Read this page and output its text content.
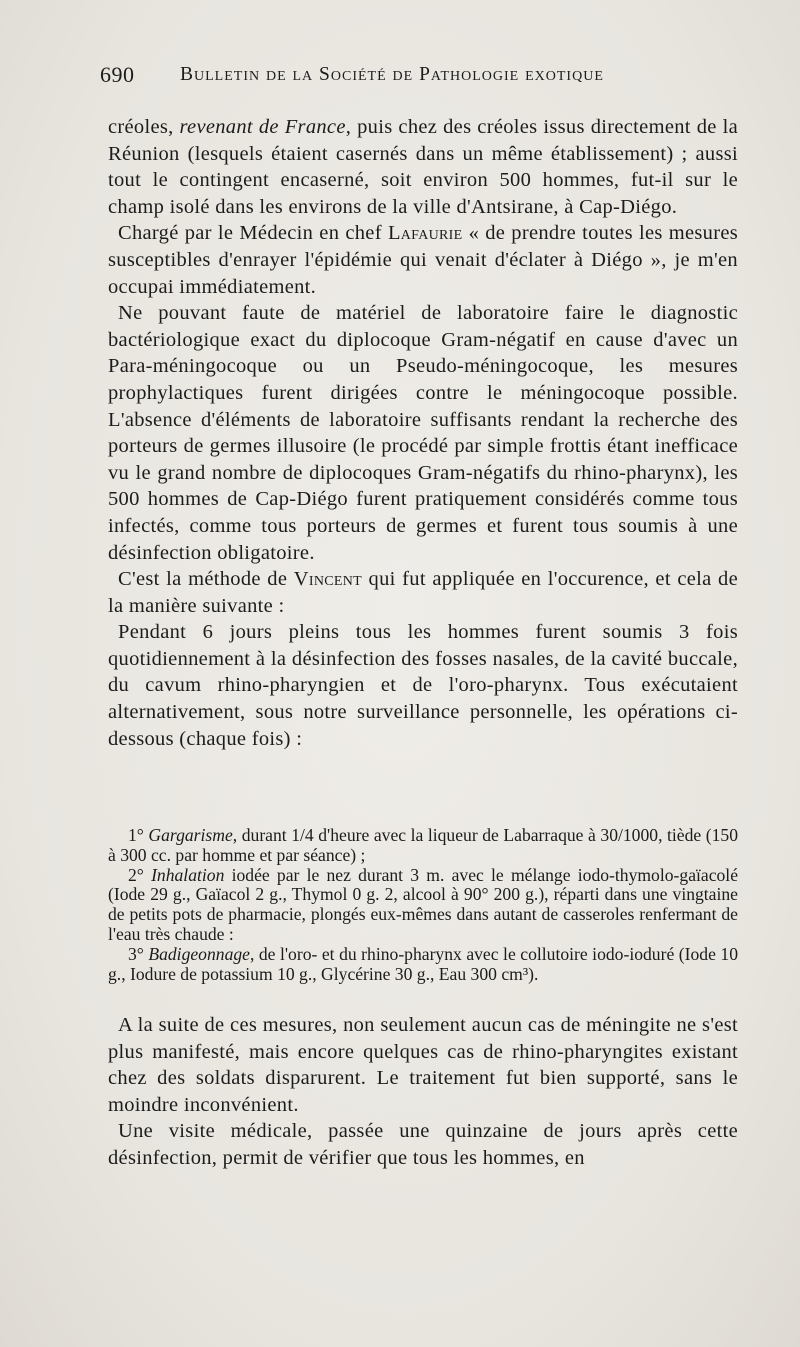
690 Bulletin de la Société de Pathologie exotique

créoles, revenant de France, puis chez des créoles issus directement de la Réunion (lesquels étaient casernés dans un même établissement) ; aussi tout le contingent encaserné, soit environ 500 hommes, fut-il sur le champ isolé dans les environs de la ville d'Antsirane, à Cap-Diégo.

Chargé par le Médecin en chef Lafaurie « de prendre toutes les mesures susceptibles d'enrayer l'épidémie qui venait d'éclater à Diégo », je m'en occupai immédiatement.

Ne pouvant faute de matériel de laboratoire faire le diagnostic bactériologique exact du diplocoque Gram-négatif en cause d'avec un Para-méningocoque ou un Pseudo-méningocoque, les mesures prophylactiques furent dirigées contre le méningocoque possible. L'absence d'éléments de laboratoire suffisants rendant la recherche des porteurs de germes illusoire (le procédé par simple frottis étant inefficace vu le grand nombre de diplocoques Gram-négatifs du rhino-pharynx), les 500 hommes de Cap-Diégo furent pratiquement considérés comme tous infectés, comme tous porteurs de germes et furent tous soumis à une désinfection obligatoire.

C'est la méthode de Vincent qui fut appliquée en l'occurence, et cela de la manière suivante :

Pendant 6 jours pleins tous les hommes furent soumis 3 fois quotidiennement à la désinfection des fosses nasales, de la cavité buccale, du cavum rhino-pharyngien et de l'oro-pharynx. Tous exécutaient alternativement, sous notre surveillance personnelle, les opérations ci-dessous (chaque fois) :

1° Gargarisme, durant 1/4 d'heure avec la liqueur de Labarraque à 30/1000, tiède (150 à 300 cc. par homme et par séance) ;

2° Inhalation iodée par le nez durant 3 m. avec le mélange iodo-thymolo-gaïacolé (Iode 29 g., Gaïacol 2 g., Thymol 0 g. 2, alcool à 90° 200 g.), réparti dans une vingtaine de petits pots de pharmacie, plongés eux-mêmes dans autant de casseroles renfermant de l'eau très chaude :

3° Badigeonnage, de l'oro- et du rhino-pharynx avec le collutoire iodo-ioduré (Iode 10 g., Iodure de potassium 10 g., Glycérine 30 g., Eau 300 cm³).

A la suite de ces mesures, non seulement aucun cas de méningite ne s'est plus manifesté, mais encore quelques cas de rhino-pharyngites existant chez des soldats disparurent. Le traitement fut bien supporté, sans le moindre inconvénient.

Une visite médicale, passée une quinzaine de jours après cette désinfection, permit de vérifier que tous les hommes, en
